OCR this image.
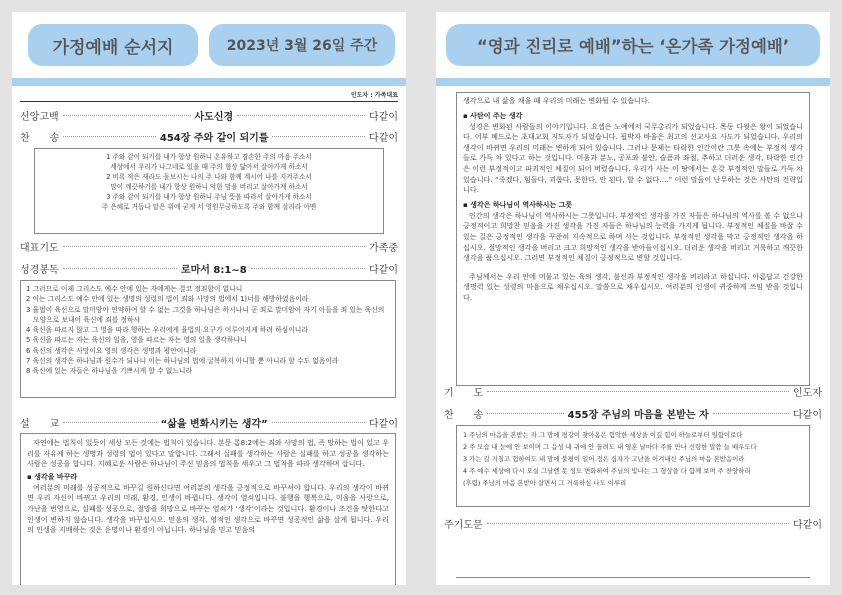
가정예배 순서지	2023년 3월 26일 주간
인도자 : 가족대표
신앙고백	사도신경	다같이
찬　　송	454장 주와 같이 되기를	다같이
1 주와 같이 되기를 내가 항상 원하니 온유하고 겸손한 주의 마음 주소서
세상에서 우리가 나그네로 있을 때 주의 형상 닮아서 살아가게 하소서
2 비록 작은 새라도 돌보시는 나의 주 나와 함께 계시어 나를 지켜주소서
맘이 깨끗하기를 내가 항상 원하니 악한 맘을 버리고 살아가게 하소서
3 주와 같이 되기를 내가 항상 원하니 주님 뜻을 따라서 살아가게 하소서
주 은혜로 거듭나 맡은 위에 굳게 서 영원무궁하도록 주와 함께 살리라 아멘
대표기도	가족중
성경봉독	로마서 8:1~8	다같이
1 그러므로 이제 그리스도 예수 안에 있는 자에게는 결코 정죄함이 없나니
2 이는 그리스도 예수 안에 있는 생명의 성령의 법이 죄와 사망의 법에서 1)너를 해방하였음이라
3 율법이 육신으로 말미암아 연약하여 할 수 없는 그것을 하나님은 하시나니 곧 죄로 말미암아 자기 아들을 죄 있는 육신의 모양으로 보내어 육신에 죄를 정하사
4 육신을 따르지 않고 그 영을 따라 행하는 우리에게 율법의 요구가 이루어지게 하려 하심이니라
5 육신을 따르는 자는 육신의 일을, 영을 따르는 자는 영의 일을 생각하나니
6 육신의 생각은 사망이요 영의 생각은 생명과 평안이니라
7 육신의 생각은 하나님과 원수가 되나니 이는 하나님의 법에 굴복하지 아니할 뿐 아니라 할 수도 없음이라
8 육신에 있는 자들은 하나님을 기쁘시게 할 수 없느니라
설　　교	“삶을 변화시키는 생각”	다같이

자연에는 법칙이 있듯이 세상 모든 것에는 법칙이 있습니다. 본문 롬8:2에는 죄와 사망의 법, 즉 망하는 법이 있고 우리를 자유케 하는 생명과 성령의 법이 있다고 말합니다. 그래서 실패를 생각하는 사람은 실패를 하고 성공을 생각하는 사람은 성공을 합니다. 지혜로운 사람은 하나님이 주신 믿음의 법칙을 세우고 그 법칙을 따라 생각하며 삽니다.

▪ 생각을 바꾸라

여러분의 미래를 성공적으로 바꾸길 원하신다면 여러분의 생각을 긍정적으로 바꾸셔야 합니다. 우리의 생각이 바뀌면 우리 자신이 바뀌고 우리의 미래, 환경, 인생이 바뀝니다. 생각이 열쇠입니다. 불행을 행복으로, 미움을 사랑으로, 가난을 번영으로, 실패를 성공으로, 절망을 희망으로 바꾸는 열쇠가 ‘생각’이라는 것입니다. 환경이나 조건을 탓한다고 인생이 변하지 않습니다. 생각을 바꾸십시오. 믿음의 생각, 영적인 생각으로 바꾸면 성공적인 삶을 살게 됩니다. 우리의 인생을 지배하는 것은 운명이나 환경이 아닙니다. 하나님을 믿고 믿음의

“영과 진리로 예배”하는 ‘온가족 가정예배’

생각으로 내 삶을 채울 때 우리의 미래는 변화될 수 있습니다.

▪ 사탄이 주는 생각

성경은 변화된 사람들의 이야기입니다. 요셉은 노예에서 국무총리가 되었습니다. 목동 다윗은 왕이 되었습니다. 어부 베드로는 초대교회 지도자가 되었습니다. 핍박자 바울은 최고의 선교사요 사도가 되었습니다. 우리의 생각이 바뀌면 우리의 미래는 변하게 되어 있습니다. 그러나 문제는 타락한 인간이란 그릇 속에는 부정적 생각들로 가득 차 있다고 하는 것입니다. 미움과 분노, 공포와 불안, 슬픔과 좌절, 추하고 더러운 생각, 타락한 인간은 이런 부정적이고 파괴적인 체질이 되어 버렸습니다. 우리가 사는 이 땅에서는 온갖 부정적인 말들로 가득 차 있습니다. “죽겠다, 힘들다, 괴롭다, 못한다, 안 된다, 할 수 없다….” 이런 말들이 난무하는 것은 사탄의 전략입니다.

▪ 생각은 하나님이 역사하시는 그릇

인간의 생각은 하나님이 역사하시는 그릇입니다. 부정적인 생각을 가진 자들은 하나님의 역사를 볼 수 없으나 긍정적이고 희망찬 믿음을 가진 생각을 가진 자들은 하나님의 능력을 가지게 됩니다. 부정적인 체질을 바꿀 수 있는 길은 긍정적인 생각을 꾸준히 지속적으로 하며 사는 것입니다. 부정적인 생각을 막고 긍정적인 생각을 하십시오. 절망적인 생각을 버리고 크고 희망적인 생각을 받아들이십시오. 더러운 생각을 버리고 거룩하고 깨끗한 생각을 품으십시오. 그러면 부정적인 체질이 긍정적으로 변할 것입니다.

주님께서는 우리 안에 머물고 있는 육의 생각, 불신과 부정적인 생각을 버리라고 하십니다. 아름답고 건강한 생명력 있는 성령의 마음으로 채우십시오. 말씀으로 채우십시오. 여러분의 인생이 귀중하게 쓰임 받을 것입니다.

기　　도	인도자
찬　　송	455장 주님의 마음을 본받는 자	다같이
1 주님의 마음을 본받는 자 그 맘에 평강이 찾아옴은 험악한 세상을 이길 힘이 하늘로부터 임함이로다
2 주 모습 내 눈에 안 보이며 그 음성 내 귀에 안 들려도 내 영혼 날마다 주를 만나 신령한 말씀 늘 배우도다
3 가는 길 거칠고 험하여도 내 맘에 불평이 일어 정은 십자가 고난을 이겨내신 주님의 마음 본받음이라
4 주 예수 세상에 다시 오실 그날엔 못 성도 변화하여 주님의 빛나는 그 형상을 다 함께 보며 주 찬양하리
(후렴) 주님의 마음 본받아 살면서 그 거룩하심 나도 이루리
주기도문	다같이
